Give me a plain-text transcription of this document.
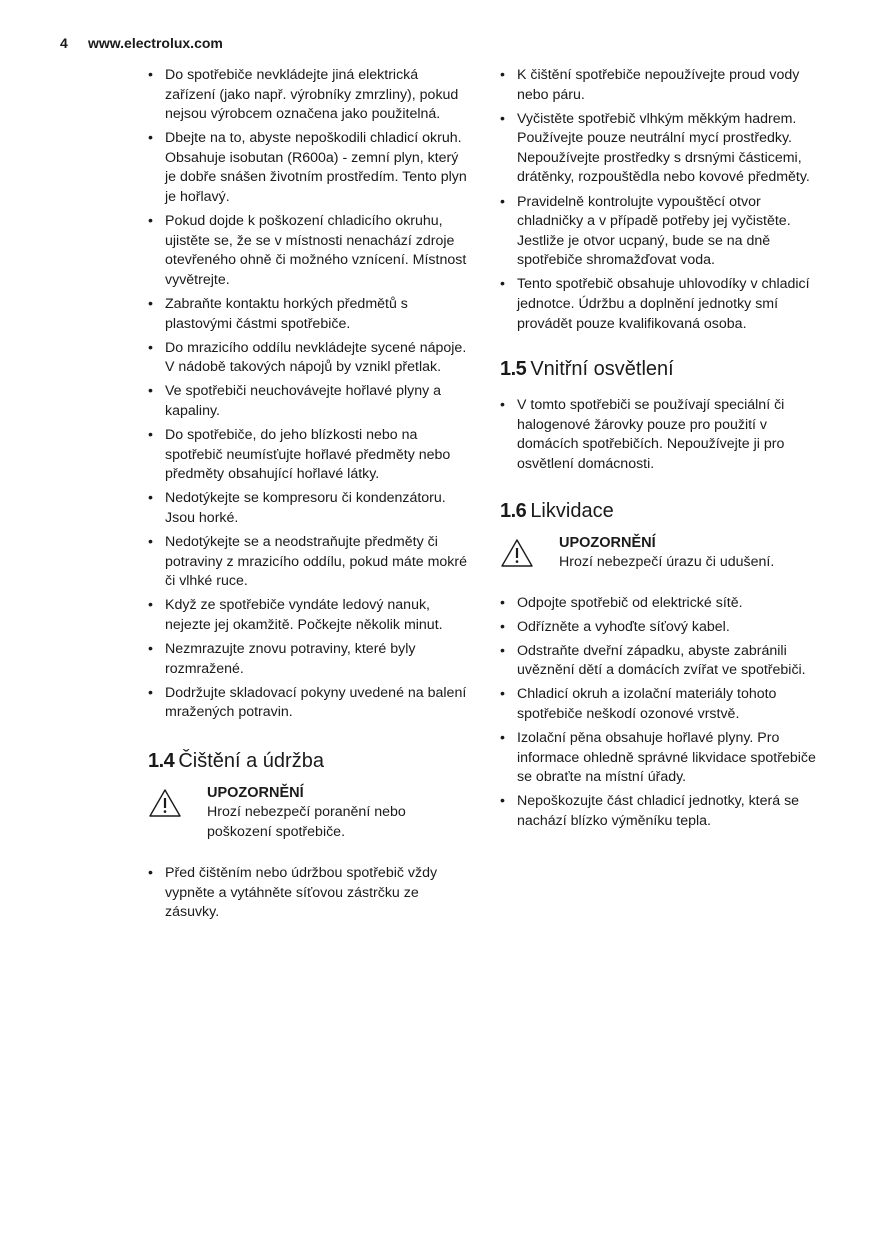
4 www.electrolux.com
• Do spotřebiče nevkládejte jiná elektrická zařízení (jako např. výrobníky zmrzliny), pokud nejsou výrobcem označena jako použitelná.
• Dbejte na to, abyste nepoškodili chladicí okruh. Obsahuje isobutan (R600a) - zemní plyn, který je dobře snášen životním prostředím. Tento plyn je hořlavý.
• Pokud dojde k poškození chladicího okruhu, ujistěte se, že se v místnosti nenachází zdroje otevřeného ohně či možného vznícení. Místnost vyvětrejte.
• Zabraňte kontaktu horkých předmětů s plastovými částmi spotřebiče.
• Do mrazicího oddílu nevkládejte sycené nápoje. V nádobě takových nápojů by vznikl přetlak.
• Ve spotřebiči neuchovávejte hořlavé plyny a kapaliny.
• Do spotřebiče, do jeho blízkosti nebo na spotřebič neumísťujte hořlavé předměty nebo předměty obsahující hořlavé látky.
• Nedotýkejte se kompresoru či kondenzátoru. Jsou horké.
• Nedotýkejte se a neodstraňujte předměty či potraviny z mrazicího oddílu, pokud máte mokré či vlhké ruce.
• Když ze spotřebiče vyndáte ledový nanuk, nejezte jej okamžitě. Počkejte několik minut.
• Nezmrazujte znovu potraviny, které byly rozmražené.
• Dodržujte skladovací pokyny uvedené na balení mražených potravin.
1.4 Čištění a údržba
UPOZORNĚNÍ
Hrozí nebezpečí poranění nebo poškození spotřebiče.
• Před čištěním nebo údržbou spotřebič vždy vypněte a vytáhněte síťovou zástrčku ze zásuvky.
• K čištění spotřebiče nepoužívejte proud vody nebo páru.
• Vyčistěte spotřebič vlhkým měkkým hadrem. Používejte pouze neutrální mycí prostředky. Nepoužívejte prostředky s drsnými částicemi, drátěnky, rozpouštědla nebo kovové předměty.
• Pravidelně kontrolujte vypouštěcí otvor chladničky a v případě potřeby jej vyčistěte. Jestliže je otvor ucpaný, bude se na dně spotřebiče shromažďovat voda.
• Tento spotřebič obsahuje uhlovodíky v chladicí jednotce. Údržbu a doplnění jednotky smí provádět pouze kvalifikovaná osoba.
1.5 Vnitřní osvětlení
• V tomto spotřebiči se používají speciální či halogenové žárovky pouze pro použití v domácích spotřebičích. Nepoužívejte ji pro osvětlení domácnosti.
1.6 Likvidace
UPOZORNĚNÍ
Hrozí nebezpečí úrazu či udušení.
• Odpojte spotřebič od elektrické sítě.
• Odřízněte a vyhoďte síťový kabel.
• Odstraňte dveřní západku, abyste zabránili uvěznění dětí a domácích zvířat ve spotřebiči.
• Chladicí okruh a izolační materiály tohoto spotřebiče neškodí ozonové vrstvě.
• Izolační pěna obsahuje hořlavé plyny. Pro informace ohledně správné likvidace spotřebiče se obraťte na místní úřady.
• Nepoškozujte část chladicí jednotky, která se nachází blízko výměníku tepla.
